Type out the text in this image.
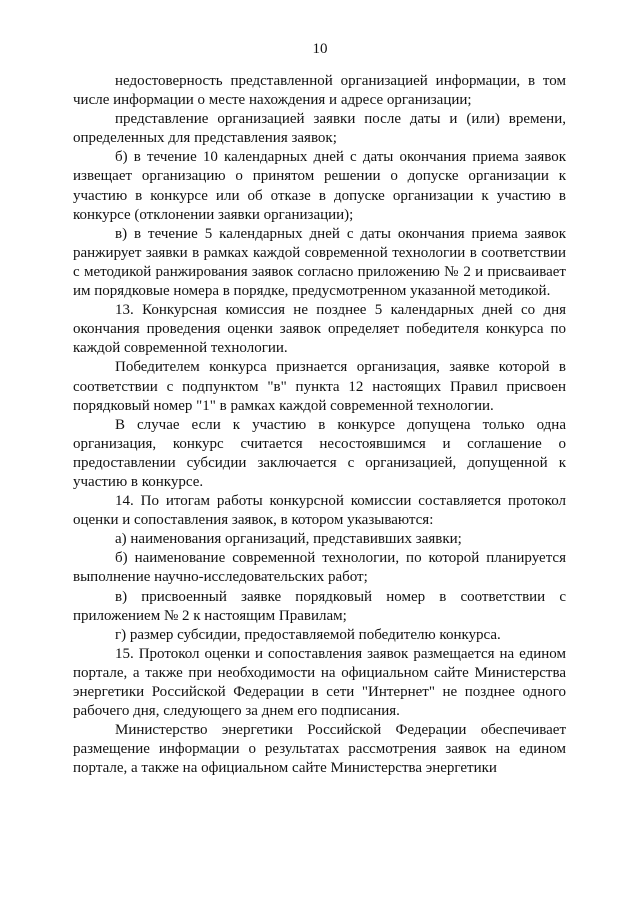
10

недостоверность представленной организацией информации, в том числе информации о месте нахождения и адресе организации;

представление организацией заявки после даты и (или) времени, определенных для представления заявок;

б) в течение 10 календарных дней с даты окончания приема заявок извещает организацию о принятом решении о допуске организации к участию в конкурсе или об отказе в допуске организации к участию в конкурсе (отклонении заявки организации);

в) в течение 5 календарных дней с даты окончания приема заявок ранжирует заявки в рамках каждой современной технологии в соответствии с методикой ранжирования заявок согласно приложению № 2 и присваивает им порядковые номера в порядке, предусмотренном указанной методикой.

13. Конкурсная комиссия не позднее 5 календарных дней со дня окончания проведения оценки заявок определяет победителя конкурса по каждой современной технологии.

Победителем конкурса признается организация, заявке которой в соответствии с подпунктом "в" пункта 12 настоящих Правил присвоен порядковый номер "1" в рамках каждой современной технологии.

В случае если к участию в конкурсе допущена только одна организация, конкурс считается несостоявшимся и соглашение о предоставлении субсидии заключается с организацией, допущенной к участию в конкурсе.

14. По итогам работы конкурсной комиссии составляется протокол оценки и сопоставления заявок, в котором указываются:

а) наименования организаций, представивших заявки;

б) наименование современной технологии, по которой планируется выполнение научно-исследовательских работ;

в) присвоенный заявке порядковый номер в соответствии с приложением № 2 к настоящим Правилам;

г) размер субсидии, предоставляемой победителю конкурса.

15. Протокол оценки и сопоставления заявок размещается на едином портале, а также при необходимости на официальном сайте Министерства энергетики Российской Федерации в сети "Интернет" не позднее одного рабочего дня, следующего за днем его подписания.

Министерство энергетики Российской Федерации обеспечивает размещение информации о результатах рассмотрения заявок на едином портале, а также на официальном сайте Министерства энергетики
